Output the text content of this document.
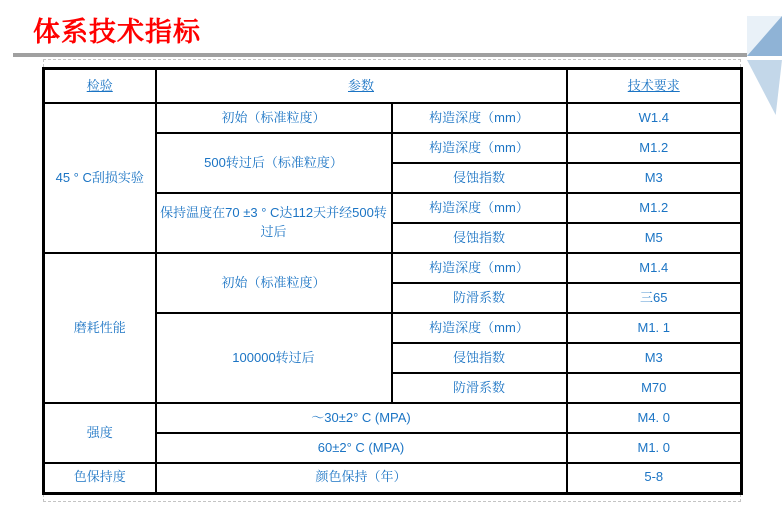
体系技术指标
检验	参数		技术要求
45 ° C刮损实验	初始（标准粒度）	构造深度（mm）	W1.4
	500转过后（标准粒度）	构造深度（mm）	M1.2
		侵蚀指数	M3
	保持温度在70 ±3 ° C达112天并经500转过后	构造深度（mm）	M1.2
		侵蚀指数	M5
磨耗性能	初始（标准粒度）	构造深度（mm）	M1.4
		防滑系数	三65
	100000转过后	构造深度（mm）	M1. 1
		侵蚀指数	M3
		防滑系数	M70
强度	～30±2° C (MPA)		M4. 0
	60±2° C (MPA)		M1. 0
色保持度	颜色保持（年）		5-8
